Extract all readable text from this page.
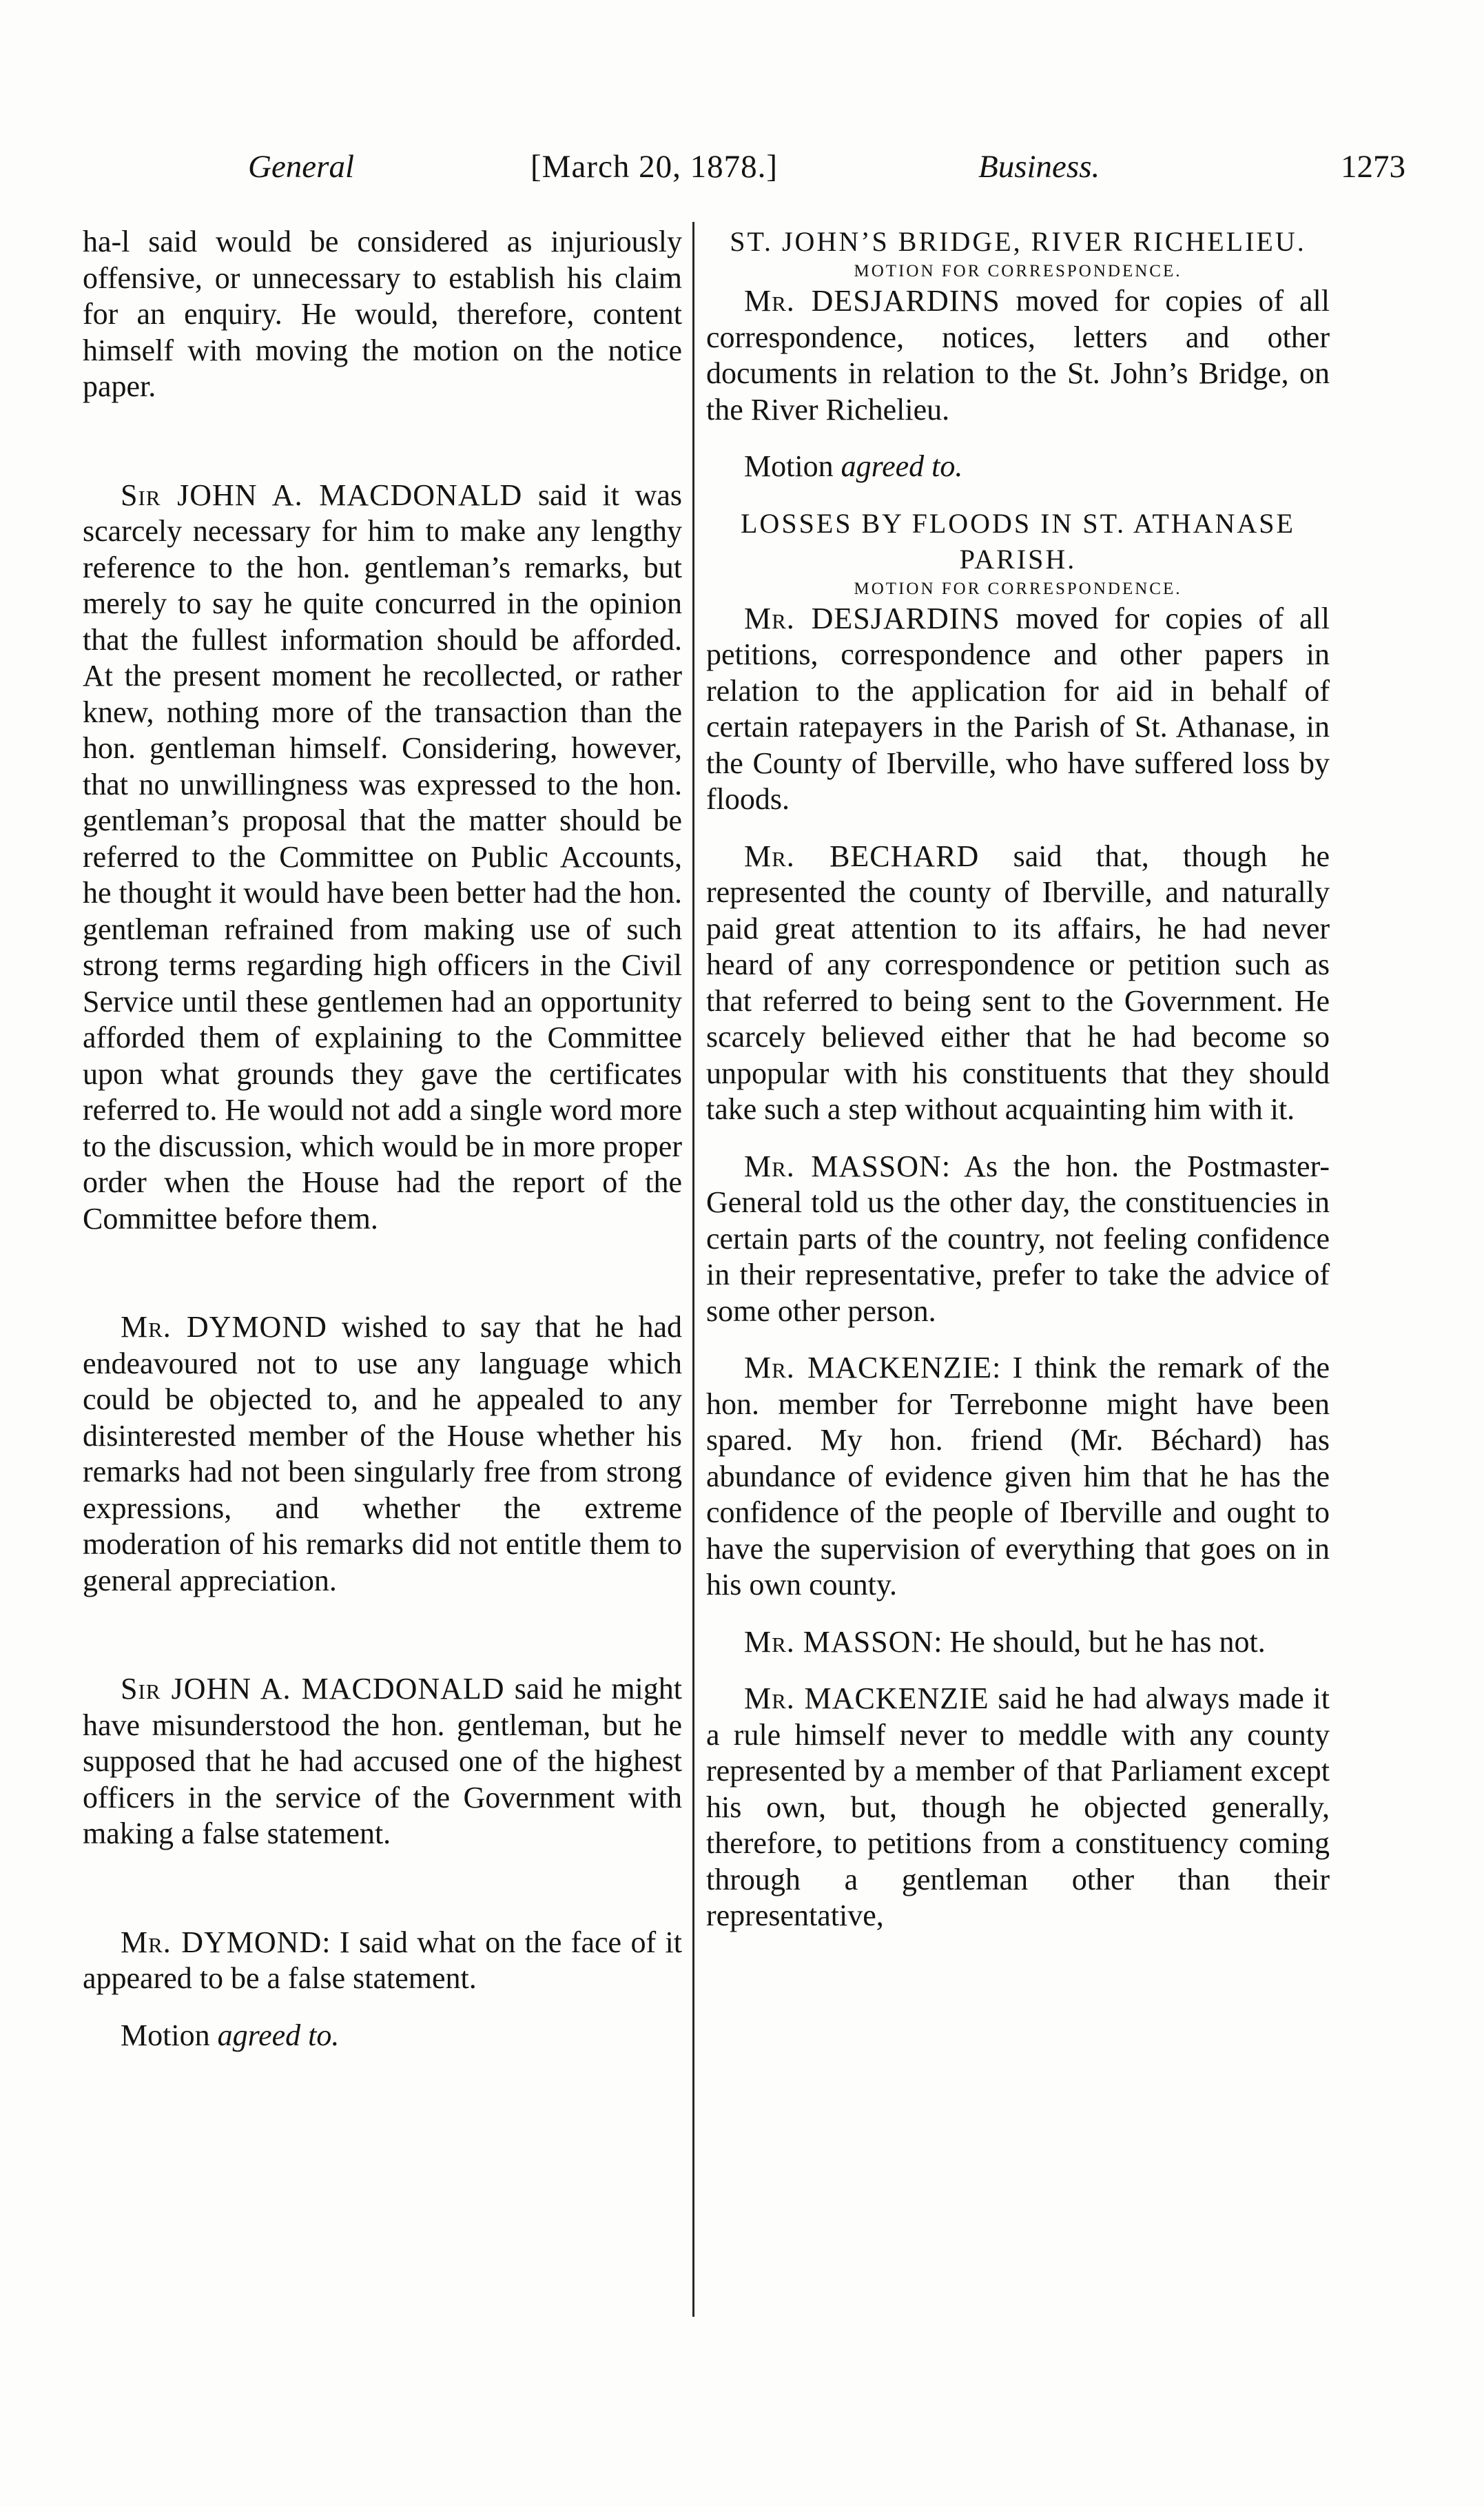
General	[March 20, 1878.]	Business.	1273

ha‑l said would be considered as injuriously offensive, or unnecessary to establish his claim for an enquiry. He would, therefore, content himself with moving the motion on the notice paper.

Sir JOHN A. MACDONALD said it was scarcely necessary for him to make any lengthy reference to the hon. gentleman’s remarks, but merely to say he quite concurred in the opinion that the fullest information should be afforded. At the present moment he recollected, or rather knew, nothing more of the transaction than the hon. gentleman himself. Considering, however, that no unwillingness was expressed to the hon. gentleman’s proposal that the matter should be referred to the Committee on Public Accounts, he thought it would have been better had the hon. gentleman refrained from making use of such strong terms regarding high officers in the Civil Service until these gentlemen had an opportunity afforded them of explaining to the Committee upon what grounds they gave the certificates referred to. He would not add a single word more to the discussion, which would be in more proper order when the House had the report of the Committee before them.

Mr. DYMOND wished to say that he had endeavoured not to use any language which could be objected to, and he appealed to any disinterested member of the House whether his remarks had not been singularly free from strong expressions, and whether the extreme moderation of his remarks did not entitle them to general appreciation.

Sir JOHN A. MACDONALD said he might have misunderstood the hon. gentleman, but he supposed that he had accused one of the highest officers in the service of the Government with making a false statement.

Mr. DYMOND: I said what on the face of it appeared to be a false statement.

Motion agreed to.

ST. JOHN’S BRIDGE, RIVER RICHELIEU.

MOTION FOR CORRESPONDENCE.

Mr. DESJARDINS moved for copies of all correspondence, notices, letters and other documents in relation to the St. John’s Bridge, on the River Richelieu.

Motion agreed to.

LOSSES BY FLOODS IN ST. ATHANASE PARISH.

MOTION FOR CORRESPONDENCE.

Mr. DESJARDINS moved for copies of all petitions, correspondence and other papers in relation to the application for aid in behalf of certain ratepayers in the Parish of St. Athanase, in the County of Iberville, who have suffered loss by floods.

Mr. BECHARD said that, though he represented the county of Iberville, and naturally paid great attention to its affairs, he had never heard of any correspondence or petition such as that referred to being sent to the Government. He scarcely believed either that he had become so unpopular with his constituents that they should take such a step without acquainting him with it.

Mr. MASSON: As the hon. the Postmaster-General told us the other day, the constituencies in certain parts of the country, not feeling confidence in their representative, prefer to take the advice of some other person.

Mr. MACKENZIE: I think the remark of the hon. member for Terrebonne might have been spared. My hon. friend (Mr. Béchard) has abundance of evidence given him that he has the confidence of the people of Iberville and ought to have the supervision of everything that goes on in his own county.

Mr. MASSON: He should, but he has not.

Mr. MACKENZIE said he had always made it a rule himself never to meddle with any county represented by a member of that Parliament except his own, but, though he objected generally, therefore, to petitions from a constituency coming through a gentleman other than their representative,
